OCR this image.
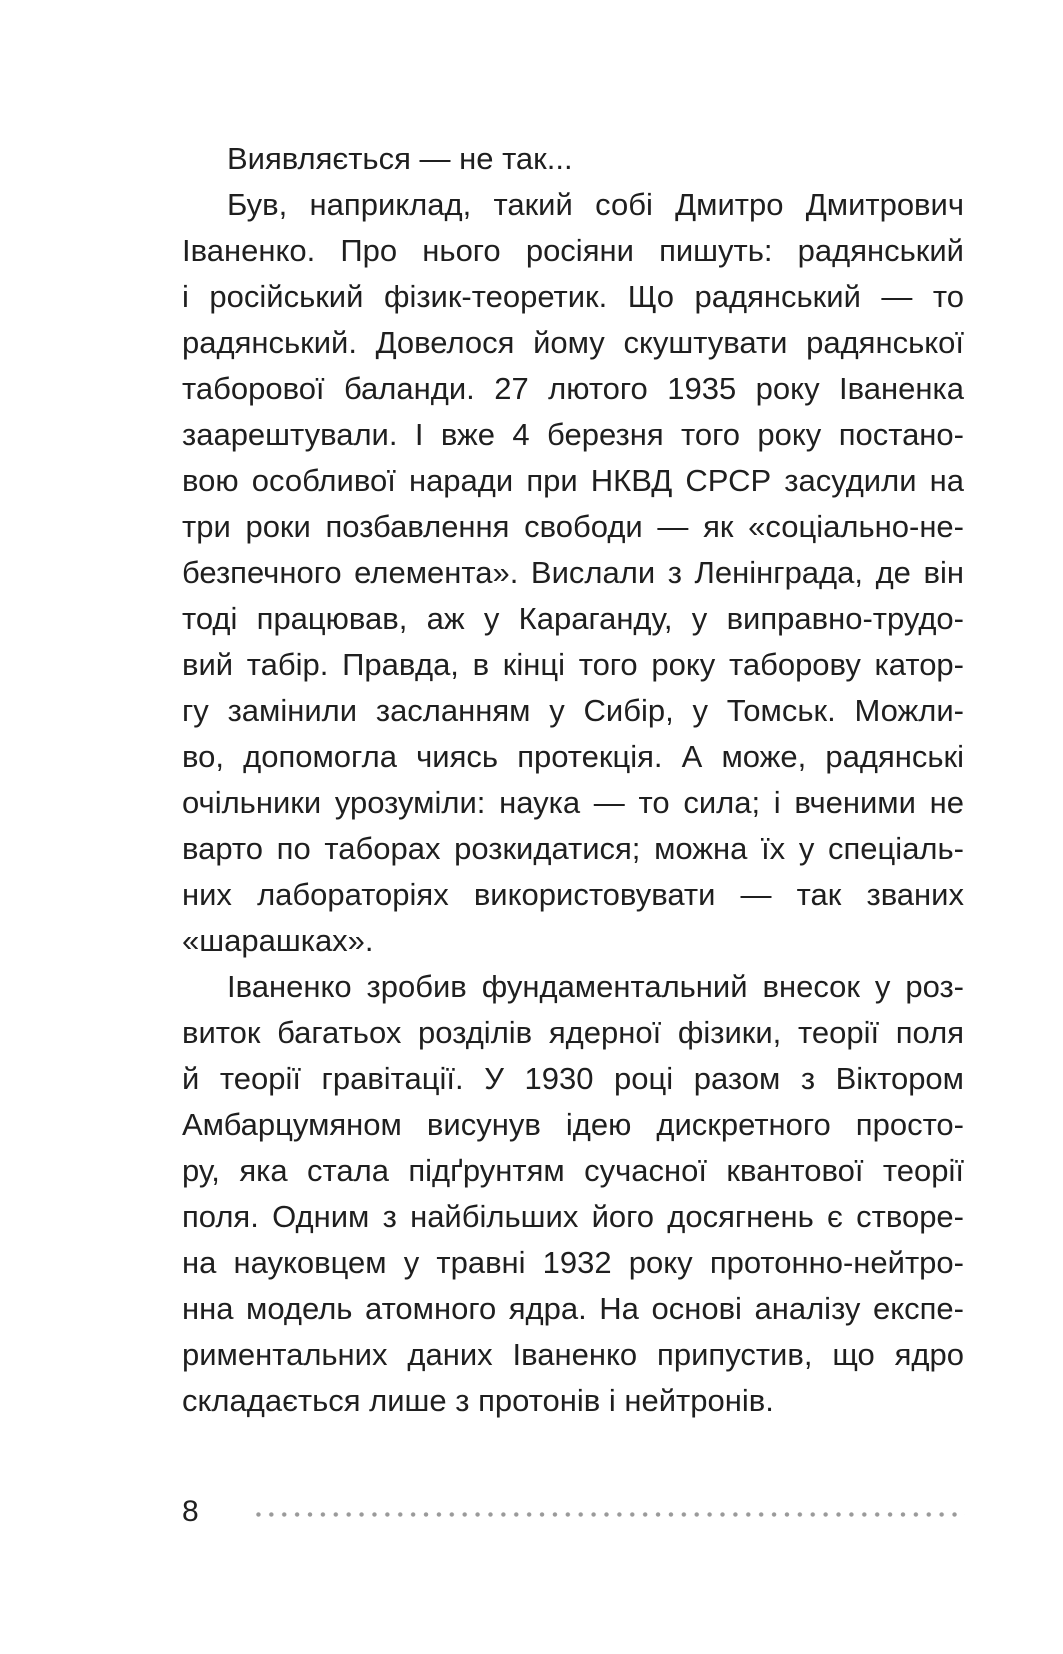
Виявляється — не так...
Був, наприклад, такий собі Дмитро Дмитрович
Іваненко. Про нього росіяни пишуть: радянський
і російський фізик-теоретик. Що радянський — то
радянський. Довелося йому скуштувати радянської
таборової баланди. 27 лютого 1935 року Іваненка
заарештували. І вже 4 березня того року постано-
вою особливої наради при НКВД СРСР засудили на
три роки позбавлення свободи — як «соціально-не-
безпечного елемента». Вислали з Ленінграда, де він
тоді працював, аж у Караганду, у виправно-трудо-
вий табір. Правда, в кінці того року таборову катор-
гу замінили засланням у Сибір, у Томськ. Можли-
во, допомогла чиясь протекція. А може, радянські
очільники урозуміли: наука — то сила; і вченими не
варто по таборах розкидатися; можна їх у спеціаль-
них лабораторіях використовувати — так званих
«шарашках».
Іваненко зробив фундаментальний внесок у роз-
виток багатьох розділів ядерної фізики, теорії поля
й теорії гравітації. У 1930 році разом з Віктором
Амбарцумяном висунув ідею дискретного просто-
ру, яка стала підґрунтям сучасної квантової теорії
поля. Одним з найбільших його досягнень є створе-
на науковцем у травні 1932 року протонно-нейтро-
нна модель атомного ядра. На основі аналізу експе-
риментальних даних Іваненко припустив, що ядро
складається лише з протонів і нейтронів.
8
